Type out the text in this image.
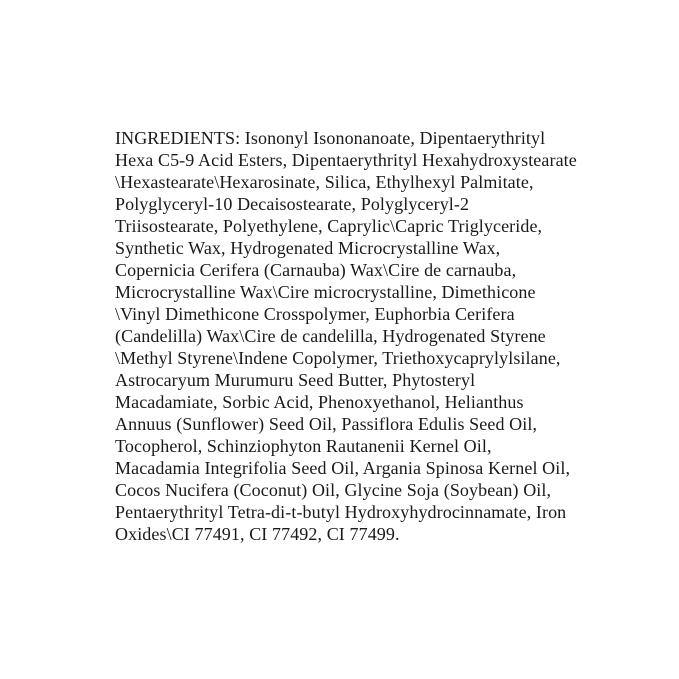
INGREDIENTS: Isononyl Isononanoate, Dipentaerythrityl
Hexa C5-9 Acid Esters, Dipentaerythrityl Hexahydroxystearate
\Hexastearate\Hexarosinate, Silica, Ethylhexyl Palmitate,
Polyglyceryl-10 Decaisostearate, Polyglyceryl-2
Triisostearate, Polyethylene, Caprylic\Capric Triglyceride,
Synthetic Wax, Hydrogenated Microcrystalline Wax,
Copernicia Cerifera (Carnauba) Wax\Cire de carnauba,
Microcrystalline Wax\Cire microcrystalline, Dimethicone
\Vinyl Dimethicone Crosspolymer, Euphorbia Cerifera
(Candelilla) Wax\Cire de candelilla, Hydrogenated Styrene
\Methyl Styrene\Indene Copolymer, Triethoxycaprylylsilane,
Astrocaryum Murumuru Seed Butter, Phytosteryl
Macadamiate, Sorbic Acid, Phenoxyethanol, Helianthus
Annuus (Sunflower) Seed Oil, Passiflora Edulis Seed Oil,
Tocopherol, Schinziophyton Rautanenii Kernel Oil,
Macadamia Integrifolia Seed Oil, Argania Spinosa Kernel Oil,
Cocos Nucifera (Coconut) Oil, Glycine Soja (Soybean) Oil,
Pentaerythrityl Tetra-di-t-butyl Hydroxyhydrocinnamate, Iron
Oxides\CI 77491, CI 77492, CI 77499.
